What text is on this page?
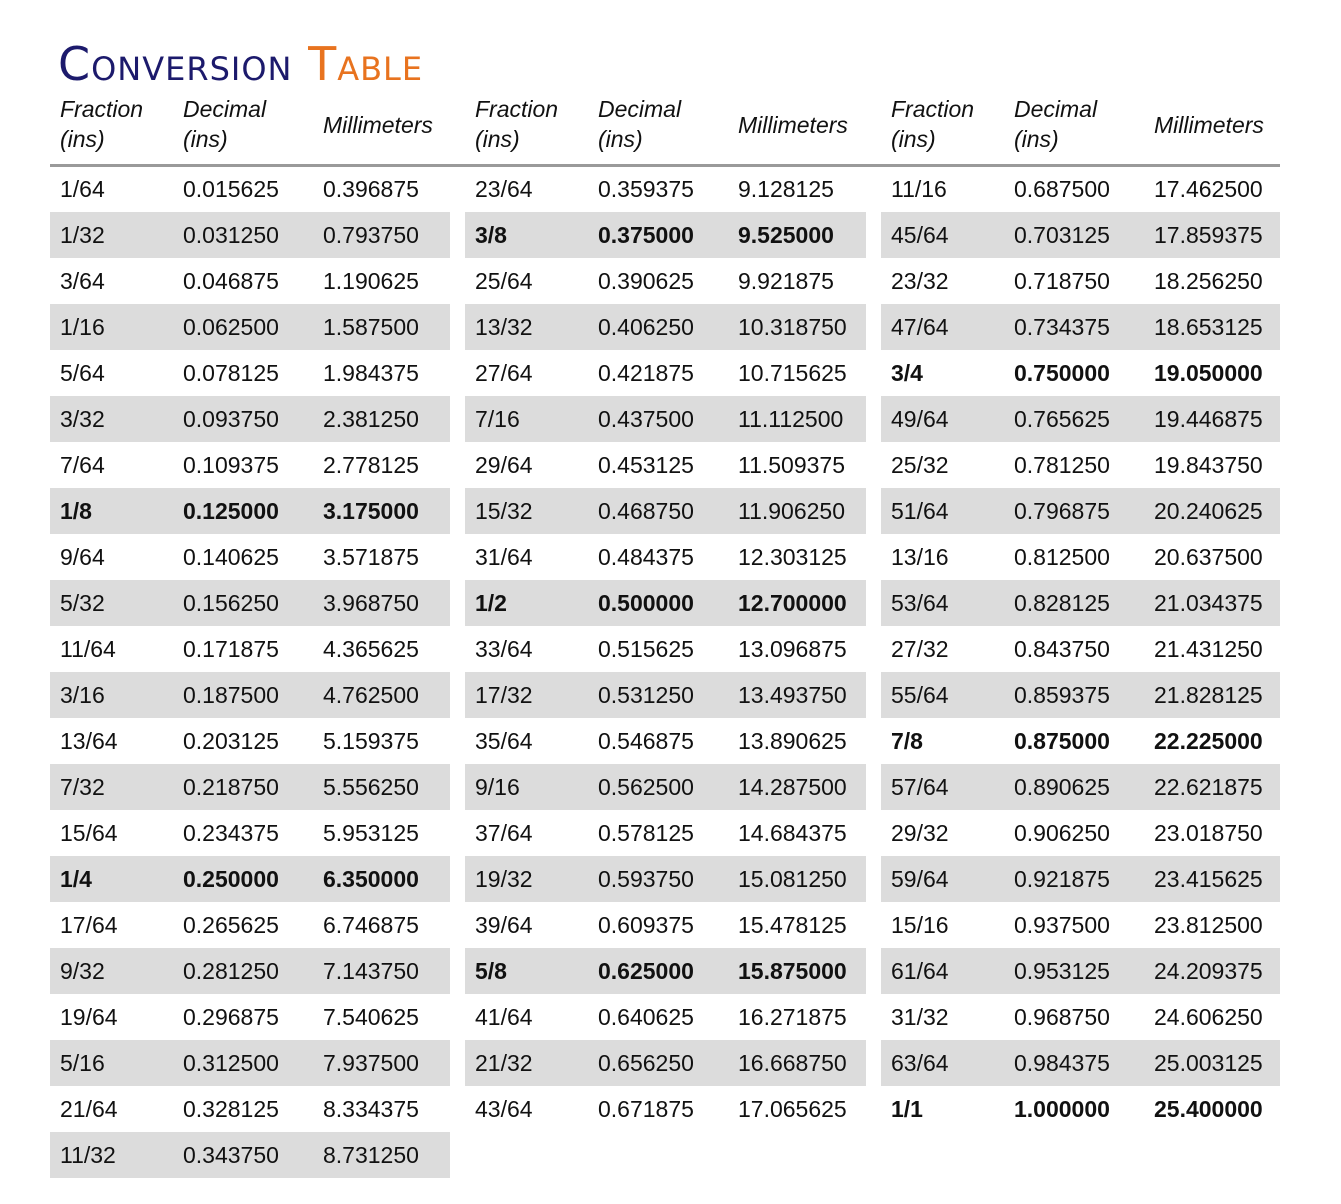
Conversion Table
Fraction
(ins)
Decimal
(ins)
Millimeters
1/64	0.015625 0.396875
1/32	0.031250 0.793750
3/64	0.046875 1.190625
1/16	0.062500 1.587500
5/64	0.078125 1.984375
3/32	0.093750 2.381250
7/64	0.109375 2.778125
1/8	0.125000 3.175000
9/64	0.140625 3.571875
5/32	0.156250 3.968750
11/64	0.171875 4.365625
3/16	0.187500 4.762500
13/64	0.203125 5.159375
7/32	0.218750 5.556250
15/64	0.234375 5.953125
1/4	0.250000 6.350000
17/64	0.265625 6.746875
9/32	0.281250 7.143750
19/64	0.296875 7.540625
5/16	0.312500 7.937500
21/64	0.328125 8.334375
11/32	0.343750 8.731250
Fraction
(ins)
Decimal
(ins)
Millimeters
23/64	0.359375 9.128125
3/8	0.375000 9.525000
25/64	0.390625 9.921875
13/32	0.406250 10.318750
27/64	0.421875 10.715625
7/16	0.437500 11.112500
29/64	0.453125 11.509375
15/32	0.468750 11.906250
31/64	0.484375 12.303125
1/2	0.500000 12.700000
33/64	0.515625 13.096875
17/32	0.531250 13.493750
35/64	0.546875 13.890625
9/16	0.562500 14.287500
37/64	0.578125 14.684375
19/32	0.593750 15.081250
39/64	0.609375 15.478125
5/8	0.625000 15.875000
41/64	0.640625 16.271875
21/32	0.656250 16.668750
43/64	0.671875 17.065625
Fraction
(ins)
Decimal
(ins)
Millimeters
11/16	0.687500 17.462500
45/64	0.703125 17.859375
23/32	0.718750 18.256250
47/64	0.734375 18.653125
3/4	0.750000 19.050000
49/64	0.765625 19.446875
25/32	0.781250 19.843750
51/64	0.796875 20.240625
13/16	0.812500 20.637500
53/64	0.828125 21.034375
27/32	0.843750 21.431250
55/64	0.859375 21.828125
7/8	0.875000 22.225000
57/64	0.890625 22.621875
29/32	0.906250 23.018750
59/64	0.921875 23.415625
15/16	0.937500 23.812500
61/64	0.953125 24.209375
31/32	0.968750 24.606250
63/64	0.984375 25.003125
1/1	1.000000 25.400000
